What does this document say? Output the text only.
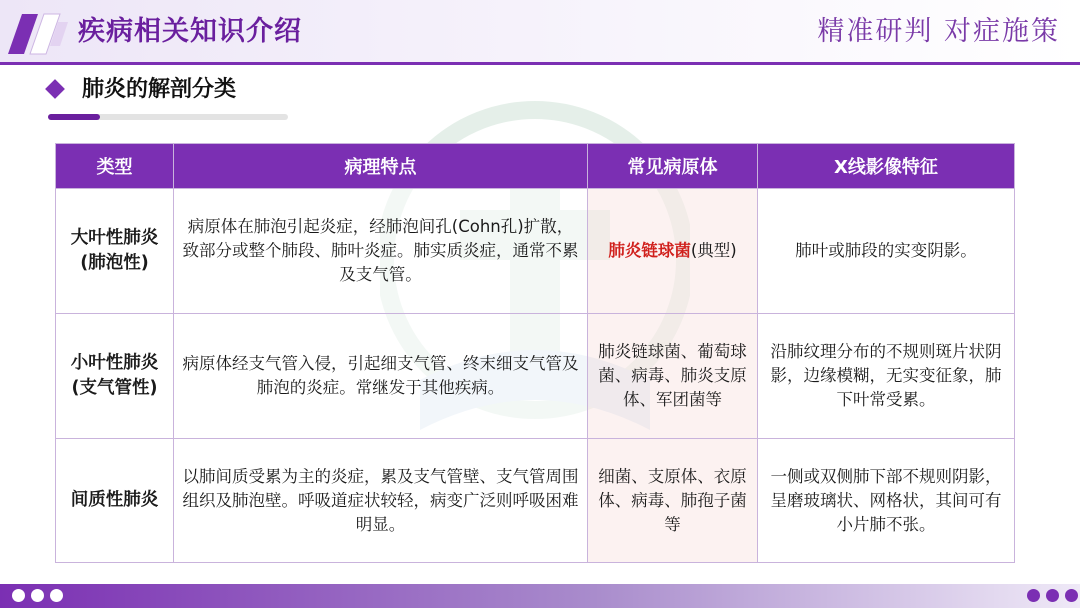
疾病相关知识介绍	精准研判 对症施策
肺炎的解剖分类
类型	病理特点	常见病原体	X线影像特征

大叶性肺炎
(肺泡性)	病原体在肺泡引起炎症，经肺泡间孔(Cohn孔)扩散，致部分或整个肺段、肺叶炎症。肺实质炎症，通常不累及支气管。	肺炎链球菌(典型)	肺叶或肺段的实变阴影。

小叶性肺炎
(支气管性)	病原体经支气管入侵，引起细支气管、终末细支气管及肺泡的炎症。常继发于其他疾病。	肺炎链球菌、葡萄球菌、病毒、肺炎支原体、军团菌等	沿肺纹理分布的不规则斑片状阴影，边缘模糊，无实变征象，肺下叶常受累。

间质性肺炎	以肺间质受累为主的炎症，累及支气管壁、支气管周围组织及肺泡壁。呼吸道症状较轻，病变广泛则呼吸困难明显。	细菌、支原体、衣原体、病毒、肺孢子菌等	一侧或双侧肺下部不规则阴影，呈磨玻璃状、网格状，其间可有小片肺不张。
